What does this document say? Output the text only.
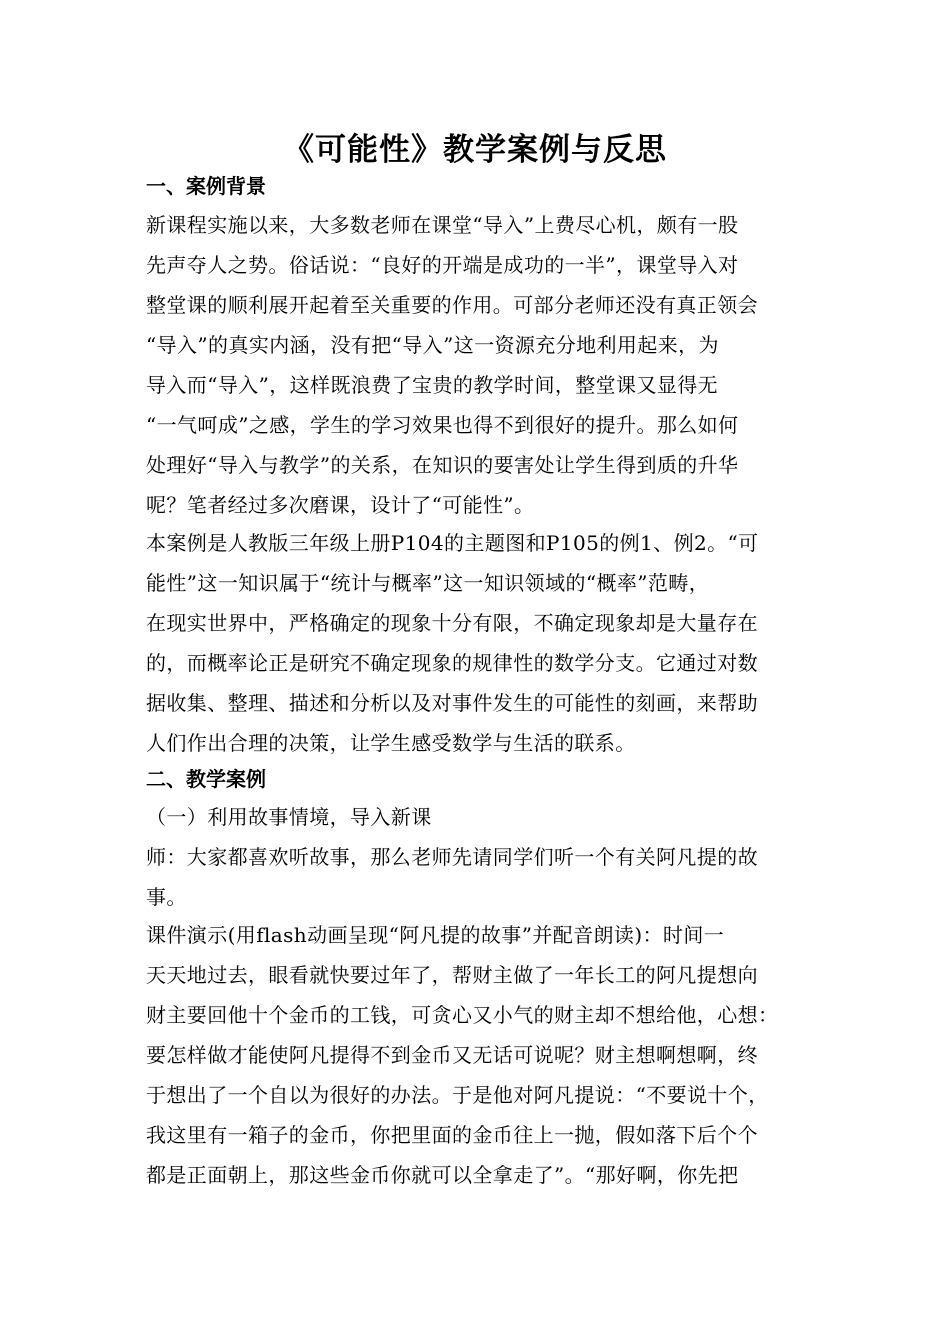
《可能性》教学案例与反思
一、案例背景
新课程实施以来，大多数老师在课堂“导入”上费尽心机，颇有一股
先声夺人之势。俗话说：“良好的开端是成功的一半”，课堂导入对
整堂课的顺利展开起着至关重要的作用。可部分老师还没有真正领会
“导入”的真实内涵，没有把“导入”这一资源充分地利用起来，为
导入而“导入”，这样既浪费了宝贵的教学时间，整堂课又显得无
“一气呵成”之感，学生的学习效果也得不到很好的提升。那么如何
处理好“导入与教学”的关系，在知识的要害处让学生得到质的升华
呢？笔者经过多次磨课，设计了“可能性”。
本案例是人教版三年级上册P104的主题图和P105的例1、例2。“可
能性”这一知识属于“统计与概率”这一知识领域的“概率”范畴，
在现实世界中，严格确定的现象十分有限，不确定现象却是大量存在
的，而概率论正是研究不确定现象的规律性的数学分支。它通过对数
据收集、整理、描述和分析以及对事件发生的可能性的刻画，来帮助
人们作出合理的决策，让学生感受数学与生活的联系。
二、教学案例
（一）利用故事情境，导入新课
师：大家都喜欢听故事，那么老师先请同学们听一个有关阿凡提的故
事。
课件演示(用flash动画呈现“阿凡提的故事”并配音朗读)：时间一
天天地过去，眼看就快要过年了，帮财主做了一年长工的阿凡提想向
财主要回他十个金币的工钱，可贪心又小气的财主却不想给他，心想：
要怎样做才能使阿凡提得不到金币又无话可说呢？财主想啊想啊，终
于想出了一个自以为很好的办法。于是他对阿凡提说：“不要说十个，
我这里有一箱子的金币，你把里面的金币往上一抛，假如落下后个个
都是正面朝上，那这些金币你就可以全拿走了”。“那好啊，你先把
